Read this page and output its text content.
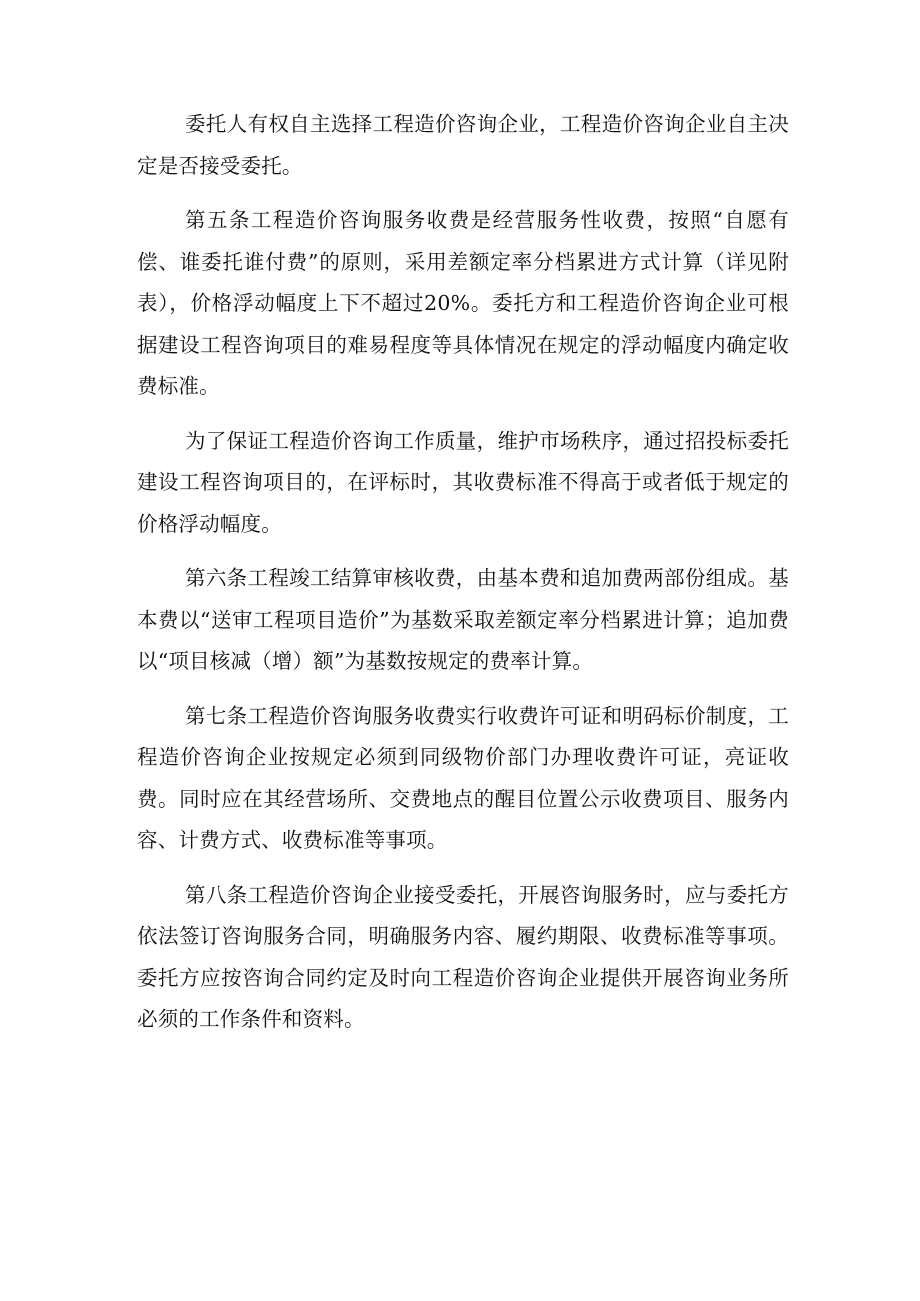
委托人有权自主选择工程造价咨询企业，工程造价咨询企业自主决定是否接受委托。

第五条工程造价咨询服务收费是经营服务性收费，按照“自愿有偿、谁委托谁付费”的原则，采用差额定率分档累进方式计算（详见附表），价格浮动幅度上下不超过20%。委托方和工程造价咨询企业可根据建设工程咨询项目的难易程度等具体情况在规定的浮动幅度内确定收费标准。

为了保证工程造价咨询工作质量，维护市场秩序，通过招投标委托建设工程咨询项目的，在评标时，其收费标准不得高于或者低于规定的价格浮动幅度。

第六条工程竣工结算审核收费，由基本费和追加费两部份组成。基本费以“送审工程项目造价”为基数采取差额定率分档累进计算；追加费以“项目核减（增）额”为基数按规定的费率计算。

第七条工程造价咨询服务收费实行收费许可证和明码标价制度，工程造价咨询企业按规定必须到同级物价部门办理收费许可证，亮证收费。同时应在其经营场所、交费地点的醒目位置公示收费项目、服务内容、计费方式、收费标准等事项。

第八条工程造价咨询企业接受委托，开展咨询服务时，应与委托方依法签订咨询服务合同，明确服务内容、履约期限、收费标准等事项。委托方应按咨询合同约定及时向工程造价咨询企业提供开展咨询业务所必须的工作条件和资料。
